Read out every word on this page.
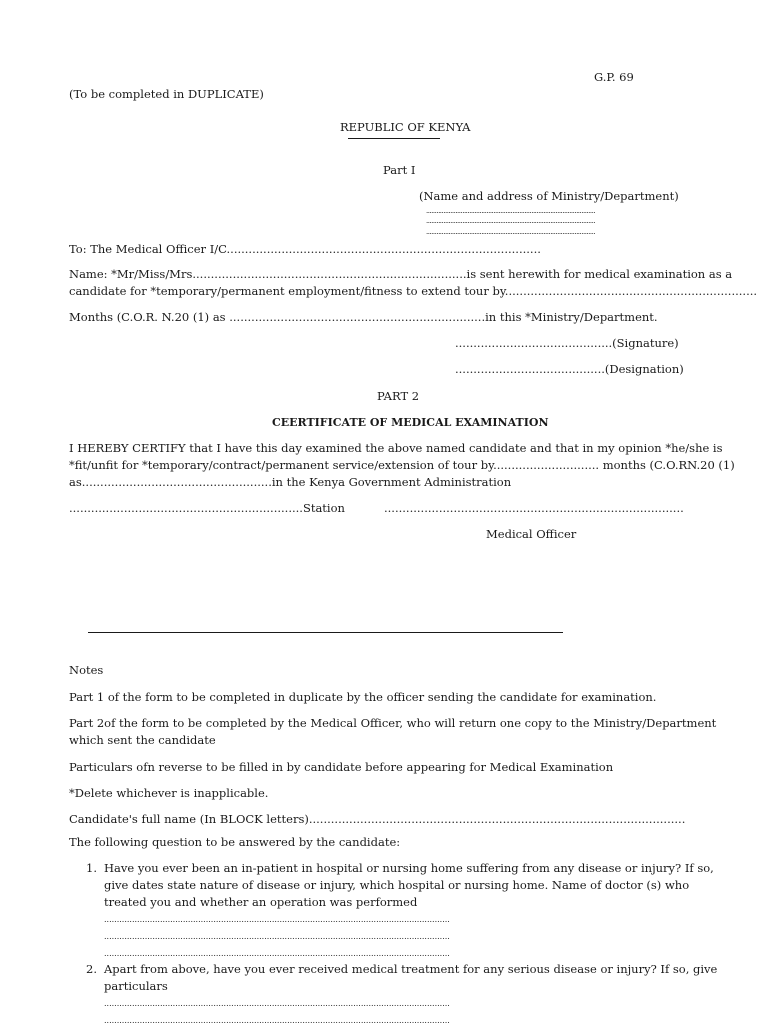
G.P. 69
(To be completed in DUPLICATE)
REPUBLIC OF KENYA
Part I
(Name and address of Ministry/Department)
..................................................................................................
..................................................................................................
..................................................................................................
To: The Medical Officer I/C......................................................................................
Name: *Mr/Miss/Mrs...........................................................................is sent herewith for medical examination as a
candidate for *temporary/permanent employment/fitness to extend tour by.....................................................................
Months (C.O.R. N.20 (1) as ......................................................................in this *Ministry/Department.
...........................................(Signature)
.........................................(Designation)
PART 2
CEERTIFICATE OF MEDICAL EXAMINATION
I HEREBY CERTIFY that I have this day examined the above named candidate and that in my opinion *he/she is
*fit/unfit for *temporary/contract/permanent service/extension of tour by............................. months (C.O.RN.20 (1)
as....................................................in the Kenya Government Administration
................................................................Station	..................................................................................
Medical Officer
Notes
Part 1 of the form to be completed in duplicate by the officer sending the candidate for examination.
Part 2of the form to be completed by the Medical Officer, who will return one copy to the Ministry/Department
which sent the candidate
Particulars ofn reverse to be filled in by candidate before appearing for Medical Examination
*Delete whichever is inapplicable.
Candidate's full name (In BLOCK letters).......................................................................................................
The following question to be answered by the candidate:
1. Have you ever been an in-patient in hospital or nursing home suffering from any disease or injury? If so, give dates state nature of disease or injury, which hospital or nursing home. Name of doctor (s) who treated you and whether an operation was performed
........................................................................................................................................
........................................................................................................................................
........................................................................................................................................
2. Apart from above, have you ever received medical treatment for any serious disease or injury? If so, give particulars
........................................................................................................................................
........................................................................................................................................
